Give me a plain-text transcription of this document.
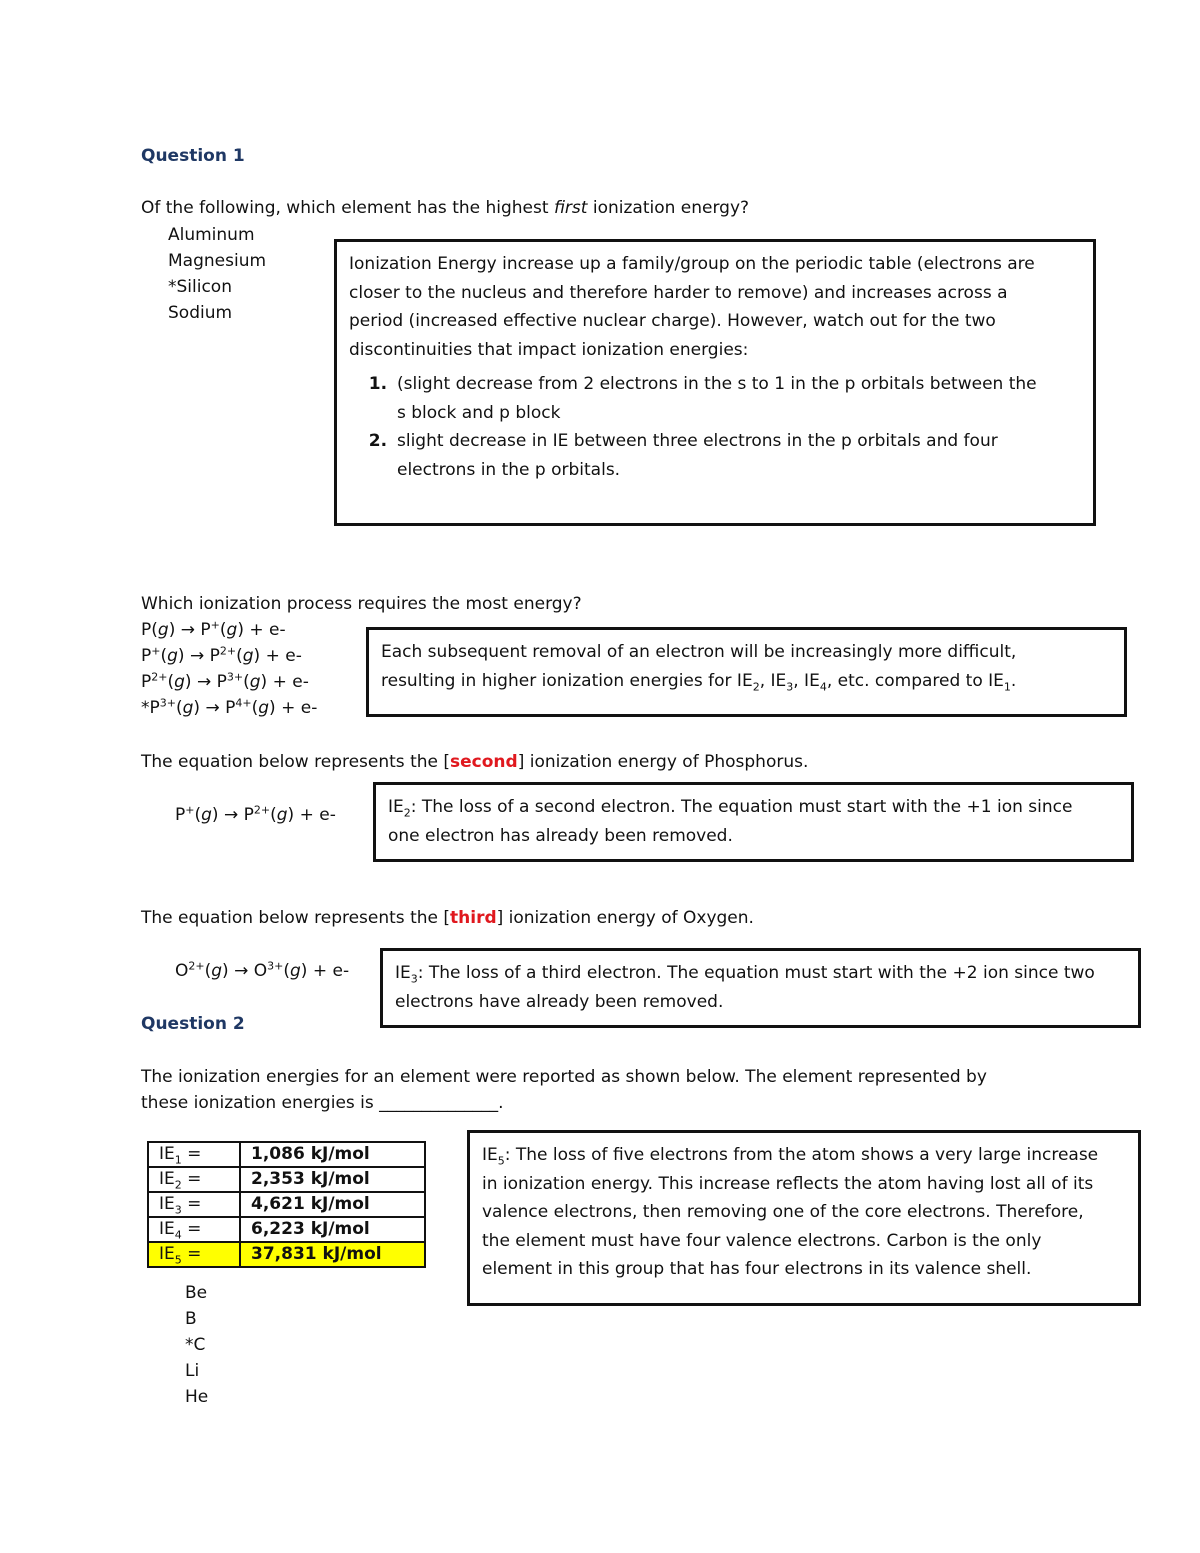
Question 1
Of the following, which element has the highest first ionization energy?
Aluminum
Magnesium
*Silicon
Sodium
Ionization Energy increase up a family/group on the periodic table (electrons are
closer to the nucleus and therefore harder to remove) and increases across a
period (increased effective nuclear charge). However, watch out for the two
discontinuities that impact ionization energies:
1. (slight decrease from 2 electrons in the s to 1 in the p orbitals between the
s block and p block
2. slight decrease in IE between three electrons in the p orbitals and four
electrons in the p orbitals.
Which ionization process requires the most energy?
P(g) → P+(g) + e-
$P^+(g) \to P^{2+}(g) + e-$
$P^{2+}(g) \to P^{3+}(g) + e-$
$*P^{3+}(g) \to P^{4+}(g) + e-$
Each subsequent removal of an electron will be increasingly more difficult,
resulting in higher ionization energies for $IE_2$, $IE_3$, $IE_4$, etc. compared to $IE_1$.
The equation below represents the [second] ionization energy of Phosphorus.
$P^+(g) \to P^{2+}(g) + e-$	$IE_2$: The loss of a second electron. The equation must start with the +1 ion since
one electron has already been removed.
The equation below represents the [third] ionization energy of Oxygen.
$O^{2+}(g) \to O^{3+}(g) + e-$	$IE_3$: The loss of a third electron. The equation must start with the +2 ion since two
electrons have already been removed.
Question 2
The ionization energies for an element were reported as shown below. The element represented by
these ionization energies is ______________.
$IE_1$ =	1,086 kJ/mol
$IE_2$ =	2,353 kJ/mol
$IE_3$ =	4,621 kJ/mol
$IE_4$ =	6,223 kJ/mol
$IE_5$ =	37,831 kJ/mol
Be
B
*C
Li
He
$IE_5$: The loss of five electrons from the atom shows a very large increase
in ionization energy. This increase reflects the atom having lost all of its
valence electrons, then removing one of the core electrons. Therefore,
the element must have four valence electrons. Carbon is the only
element in this group that has four electrons in its valence shell.
